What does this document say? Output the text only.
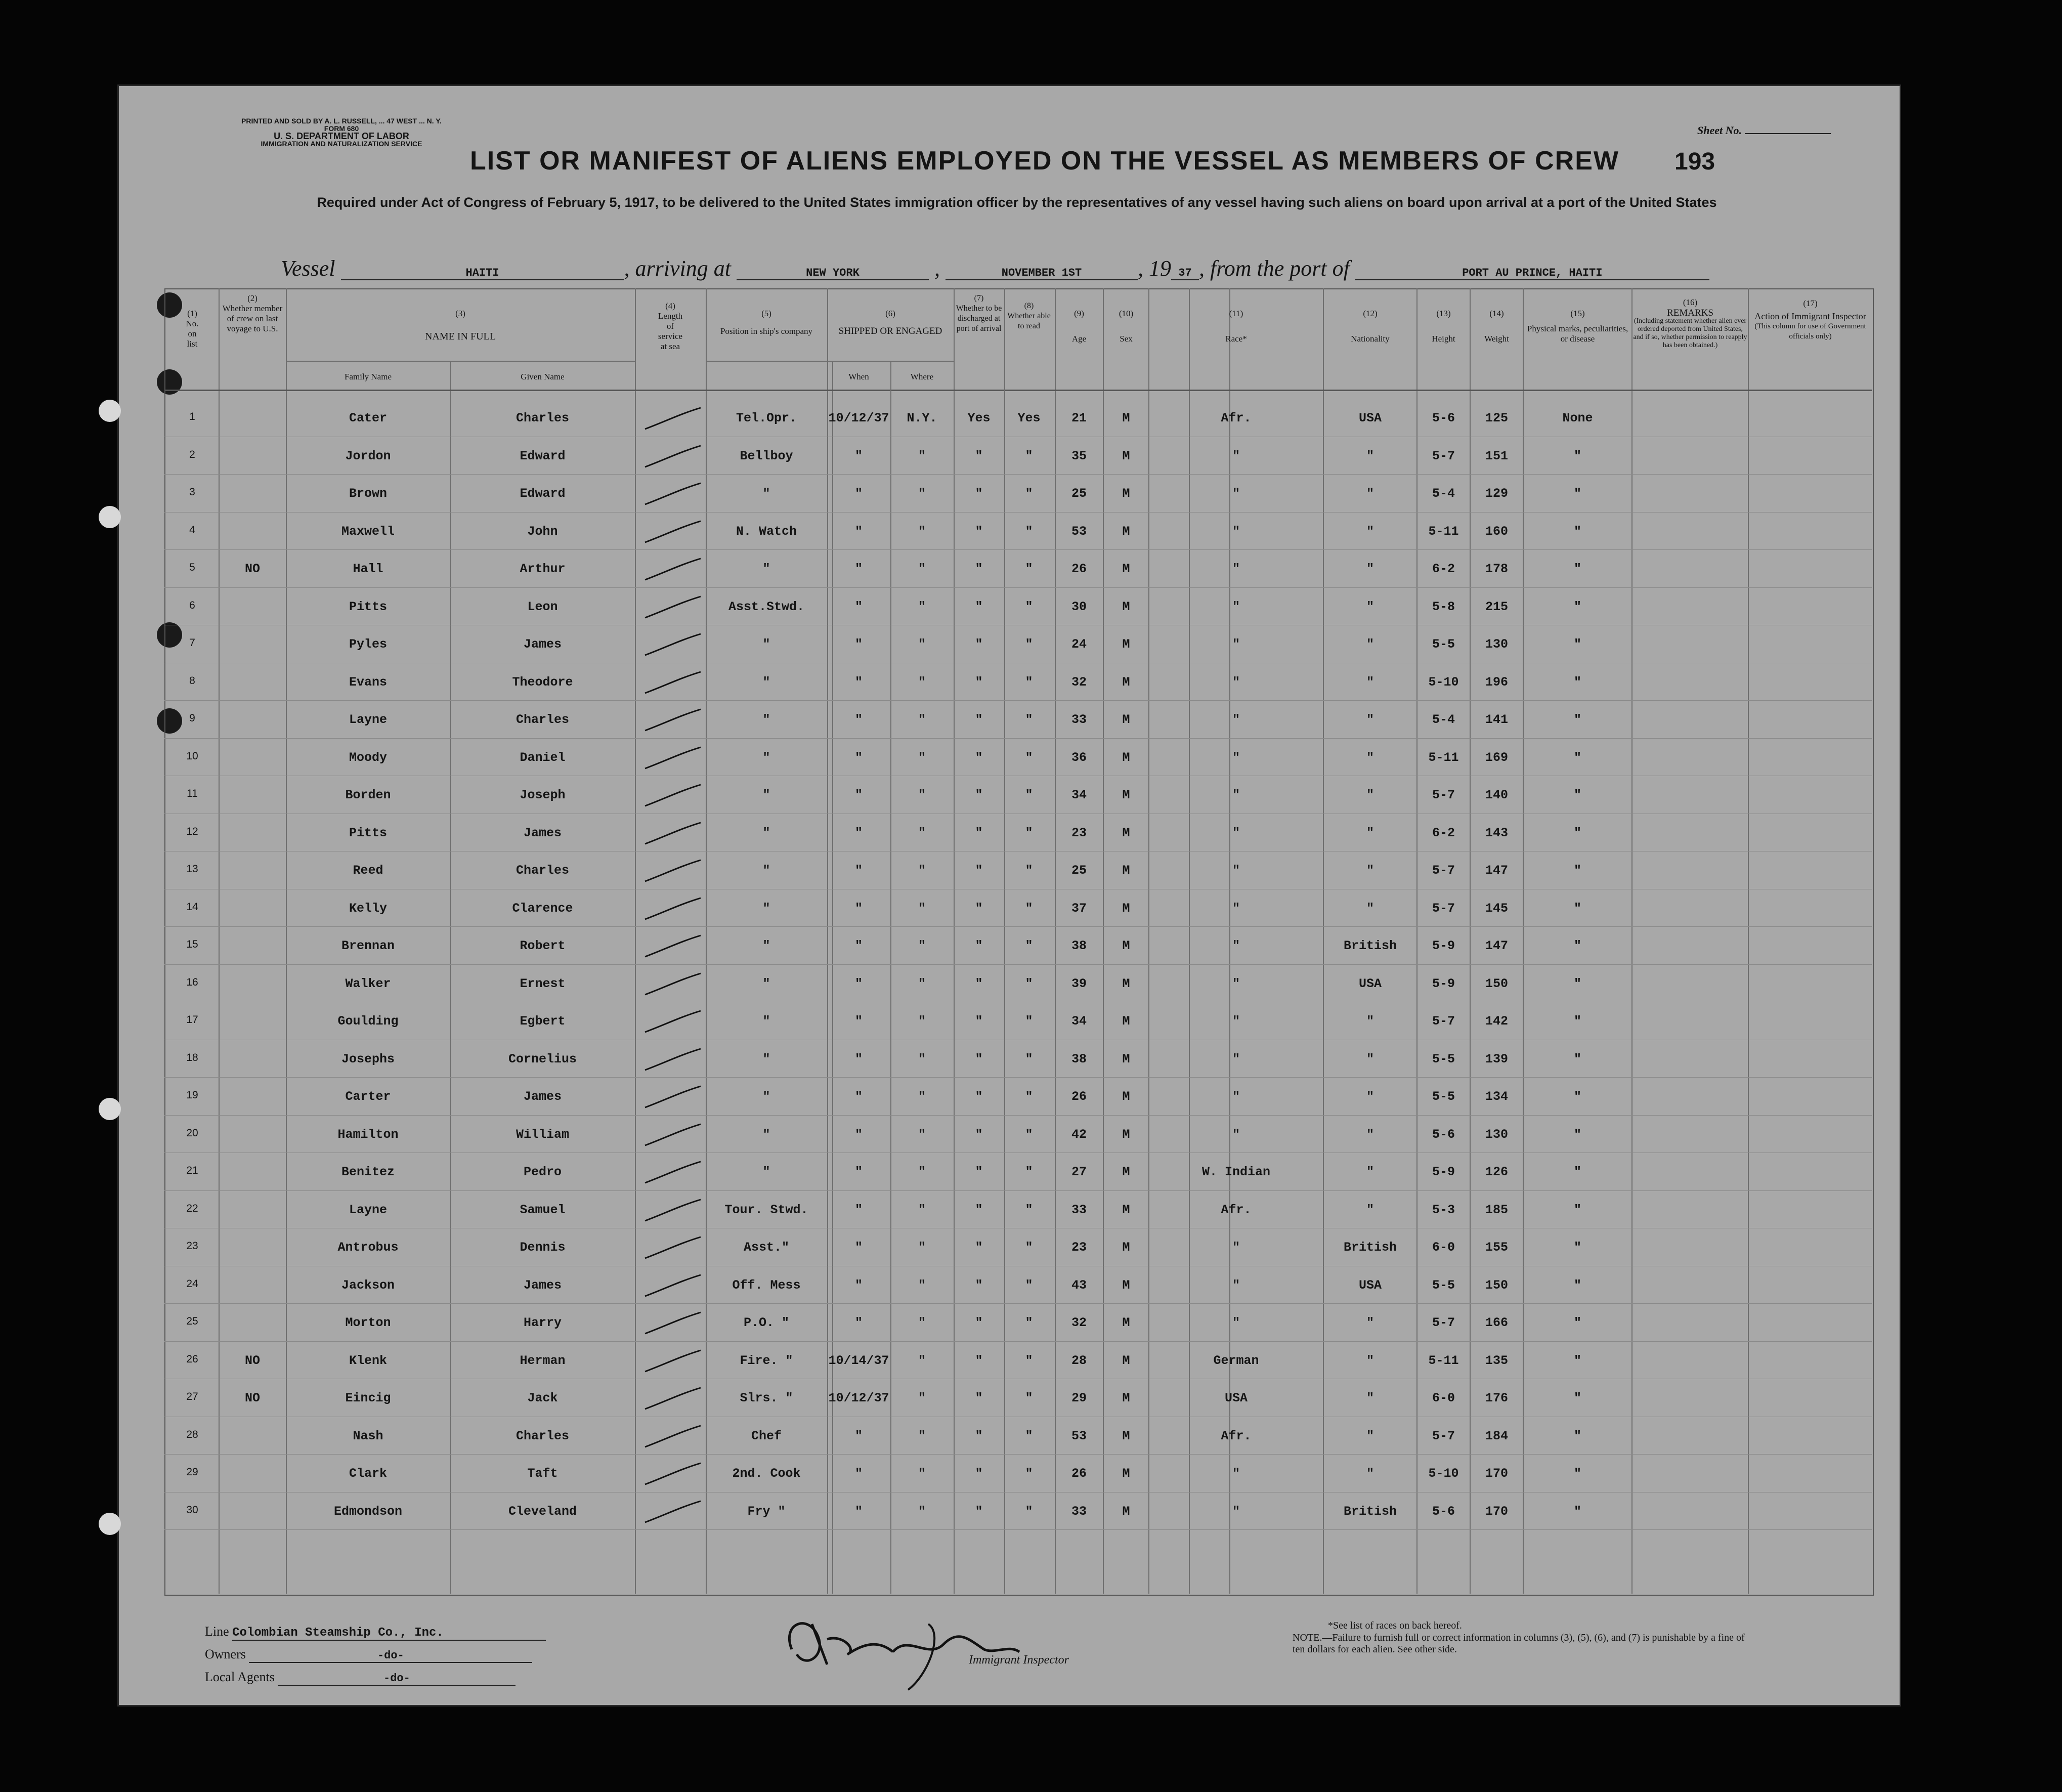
PRINTED AND SOLD BY A. L. RUSSELL, ... 47 WEST ... N. Y.
FORM 680
U. S. DEPARTMENT OF LABOR
IMMIGRATION AND NATURALIZATION SERVICE
Sheet No.
193
LIST OR MANIFEST OF ALIENS EMPLOYED ON THE VESSEL AS MEMBERS OF CREW
Required under Act of Congress of February 5, 1917, to be delivered to the United States immigration officer by the representatives of any vessel having such aliens on board upon arrival at a port of the United States
Vessel	HAITI	, arriving at	NEW YORK	,	NOVEMBER 1ST	, 19 37 , from the port of	PORT AU PRINCE, HAITI
(1)
No. on list
(2)
Whether member of crew on last voyage to U.S.
(3)
NAME IN FULL
Family Name	Given Name
(4)
Length of service at sea
(5)
Position in ship's company
(6)
SHIPPED OR ENGAGED
When	Where
(7)
Whether to be discharged at port of arrival
(8)
Whether able to read
(9)
Age
(10)
Sex
(11)
Race*
(12)
Nationality
(13)
Height
(14)
Weight
(15)
Physical marks, peculiarities, or disease
(16)
REMARKS
(Including statement whether alien ever ordered deported from United States, and if so, whether permission to reapply has been obtained.)
(17)
Action of Immigrant Inspector
(This column for use of Government officials only)
1	Cater	Charles	Tel.Opr.	10/12/37	N.Y.	Yes	Yes	21	M	Afr.	USA	5-6	125	None
2	Jordon	Edward	Bellboy	"	"	"	"	35	M	"	"	5-7	151	"
3	Brown	Edward	"	"	"	"	"	25	M	"	"	5-4	129	"
4	Maxwell	John	N. Watch	"	"	"	"	53	M	"	"	5-11	160	"
5	NO	Hall	Arthur	"	"	"	"	"	26	M	"	"	6-2	178	"
6	Pitts	Leon	Asst.Stwd.	"	"	"	"	30	M	"	"	5-8	215	"
7	Pyles	James	"	"	"	"	"	24	M	"	"	5-5	130	"
8	Evans	Theodore	"	"	"	"	"	32	M	"	"	5-10	196	"
9	Layne	Charles	"	"	"	"	"	33	M	"	"	5-4	141	"
10	Moody	Daniel	"	"	"	"	"	36	M	"	"	5-11	169	"
11	Borden	Joseph	"	"	"	"	"	34	M	"	"	5-7	140	"
12	Pitts	James	"	"	"	"	"	23	M	"	"	6-2	143	"
13	Reed	Charles	"	"	"	"	"	25	M	"	"	5-7	147	"
14	Kelly	Clarence	"	"	"	"	"	37	M	"	"	5-7	145	"
15	Brennan	Robert	"	"	"	"	"	38	M	"	British	5-9	147	"
16	Walker	Ernest	"	"	"	"	"	39	M	"	USA	5-9	150	"
17	Goulding	Egbert	"	"	"	"	"	34	M	"	"	5-7	142	"
18	Josephs	Cornelius	"	"	"	"	"	38	M	"	"	5-5	139	"
19	Carter	James	"	"	"	"	"	26	M	"	"	5-5	134	"
20	Hamilton	William	"	"	"	"	"	42	M	"	"	5-6	130	"
21	Benitez	Pedro	"	"	"	"	"	27	M	W. Indian	"	5-9	126	"
22	Layne	Samuel	Tour. Stwd.	"	"	"	"	33	M	Afr.	"	5-3	185	"
23	Antrobus	Dennis	Asst."	"	"	"	"	23	M	"	British	6-0	155	"
24	Jackson	James	Off. Mess	"	"	"	"	43	M	"	USA	5-5	150	"
25	Morton	Harry	P.O. "	"	"	"	"	32	M	"	"	5-7	166	"
26	NO	Klenk	Herman	Fire. "	10/14/37	"	"	"	28	M	German	"	5-11	135	"
27	NO	Eincig	Jack	Slrs. "	10/12/37	"	"	"	29	M	USA	"	6-0	176	"
28	Nash	Charles	Chef	"	"	"	"	53	M	Afr.	"	5-7	184	"
29	Clark	Taft	2nd. Cook	"	"	"	"	26	M	"	"	5-10	170	"
30	Edmondson	Cleveland	Fry "	"	"	"	"	33	M	"	British	5-6	170	"
Line Colombian Steamship Co., Inc.
Owners	-do-
Local Agents	-do-
Immigrant Inspector
*See list of races on back hereof.
NOTE.—Failure to furnish full or correct information in columns (3), (5), (6), and (7) is punishable by a fine of ten dollars for each alien. See other side.
